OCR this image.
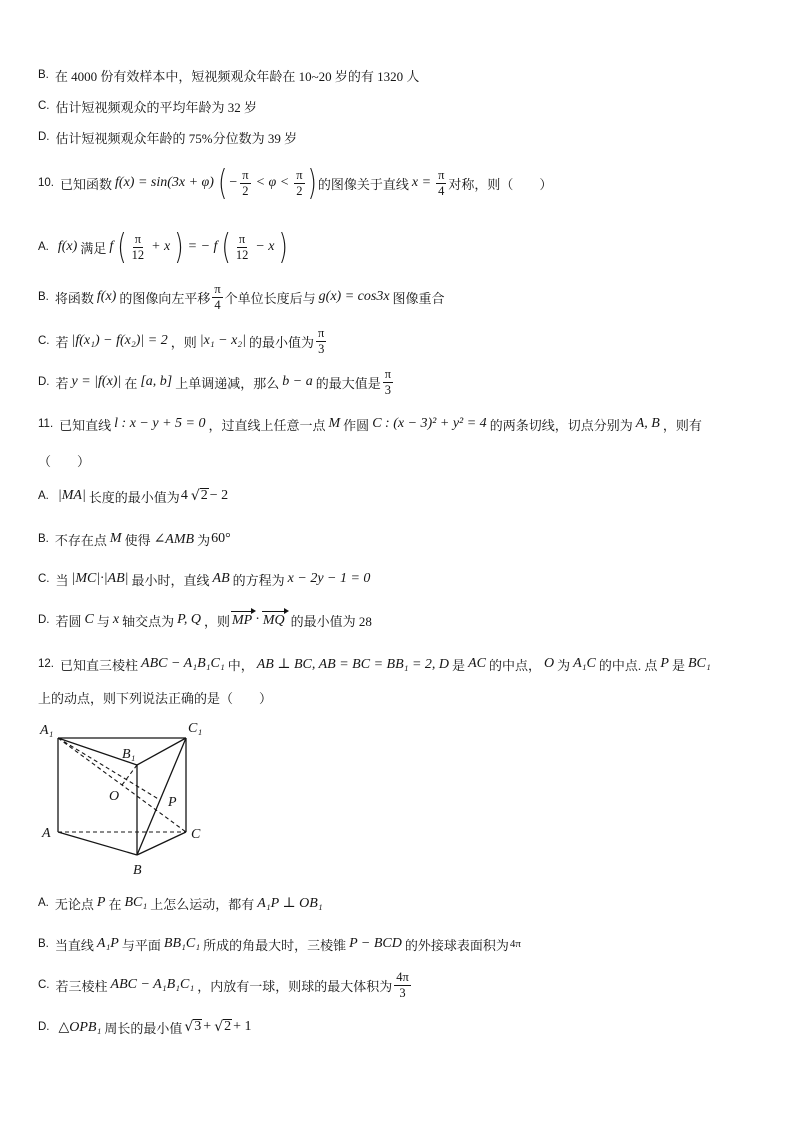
B. 在 4000 份有效样本中，短视频观众年龄在 10~20 岁的有 1320 人
C. 估计短视频观众的平均年龄为 32 岁
D. 估计短视频观众年龄的 75%分位数为 39 岁
10. 已知函数 f(x) = sin(3x + φ) ( − $\frac{\pi}{2} < \varphi < \frac{\pi}{2}$ ) 的图像关于直线 $x = \frac{\pi}{4}$ 对称，则（　　）
A. f(x) 满足 f ( $\frac{\pi}{12} + x$ ) = − f ( $\frac{\pi}{12} - x$ )
B. 将函数 f(x) 的图像向左平移 $\frac{\pi}{4}$ 个单位长度后与 g(x) = cos3x 图像重合
C. 若 |f(x₁) − f(x₂)| = 2 ，则 |x₁ − x₂| 的最小值为 $\frac{\pi}{3}$
D. 若 y = |f(x)| 在 [a, b] 上单调递减，那么 b − a 的最大值是 $\frac{\pi}{3}$
11. 已知直线 l : x − y + 5 = 0 ，过直线上任意一点 M 作圆 C : (x − 3)² + y² = 4 的两条切线，切点分别为 A, B ，则有
（　　）
A. |MA| 长度的最小值为 4 √ 2 − 2
B. 不存在点 M 使得 ∠AMB 为 60°
C. 当 |MC|·|AB| 最小时，直线 AB 的方程为 x − 2y − 1 = 0
D. 若圆 C 与 x 轴交点为 P, Q ，则 MP · MQ 的最小值为 28
12. 已知直三棱柱 ABC − A₁B₁C₁ 中， AB ⊥ BC, AB = BC = BB₁ = 2, D 是 AC 的中点， O 为 A₁C 的中点. 点 P 是 BC₁
上的动点，则下列说法正确的是（　　）
A₁	C₁
B₁
O	P
A	C
B
A. 无论点 P 在 BC₁ 上怎么运动，都有 A₁P ⊥ OB₁
B. 当直线 A₁P 与平面 BB₁C₁ 所成的角最大时，三棱锥 P − BCD 的外接球表面积为 4π
C. 若三棱柱 ABC − A₁B₁C₁ ，内放有一球，则球的最大体积为 $\frac{4\pi}{3}$
D. △OPB₁ 周长的最小值 √ 3 + √ 2 + 1
